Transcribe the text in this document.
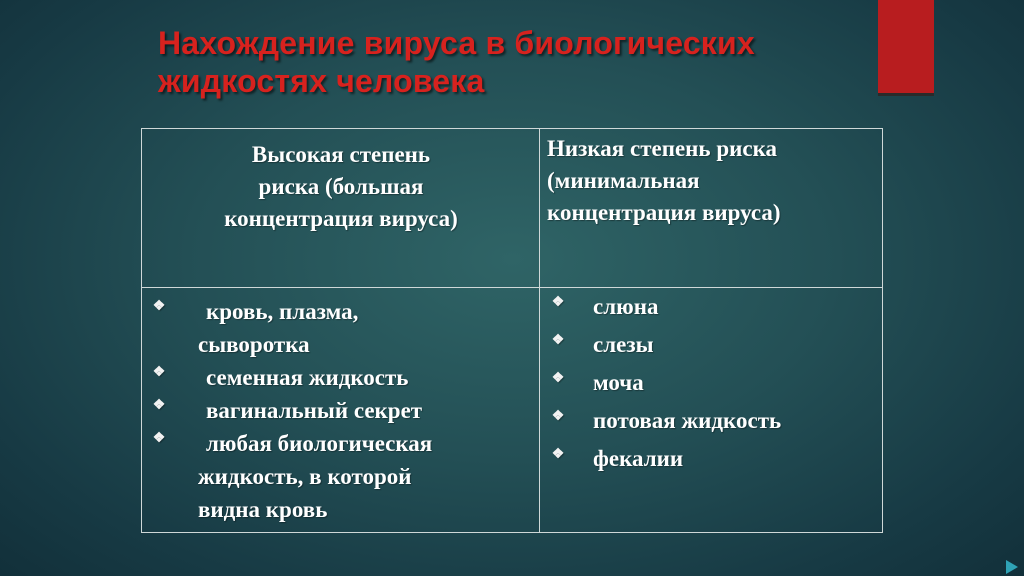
Нахождение вируса в биологических
жидкостях человека
Высокая степень
риска (большая
концентрация вируса)
Низкая степень риска
(минимальная
концентрация вируса)
❖ кровь, плазма,
сыворотка
❖ семенная жидкость
❖ вагинальный секрет
❖ любая биологическая
жидкость, в которой
видна кровь
❖ слюна
❖ слезы
❖ моча
❖ потовая жидкость
❖ фекалии
